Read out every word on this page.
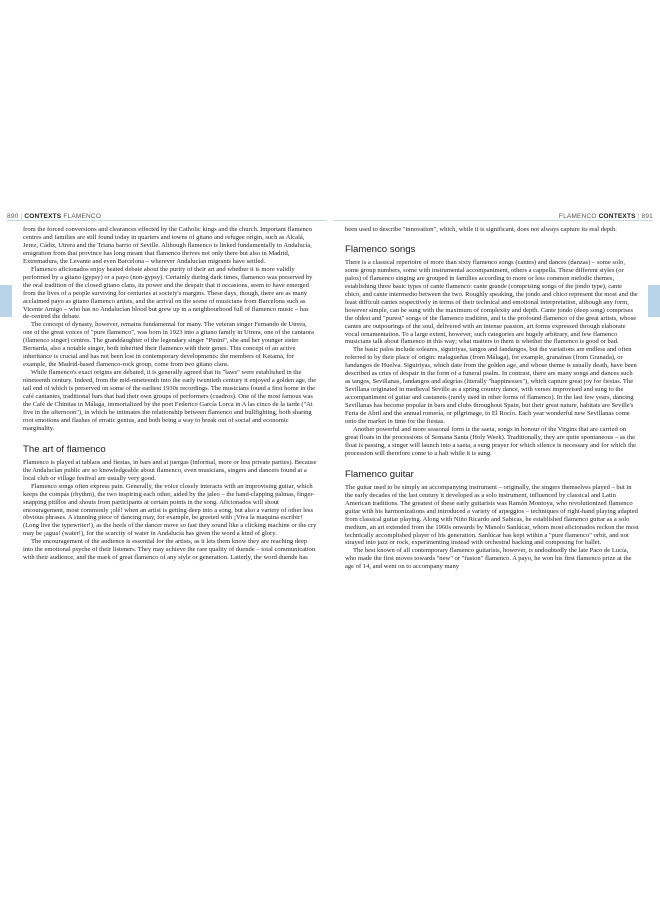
890 | CONTEXTS FLAMENCO	FLAMENCO CONTEXTS | 891

from the forced conversions and clearances effected by the Catholic kings and the church. Important flamenco centres and families are still found today in quarters and towns of gitano and refugee origin, such as Alcalá, Jerez, Cádiz, Utrera and the Triana barrio of Seville. Although flamenco is linked fundamentally to Andalucía, emigration from that province has long meant that flamenco thrives not only there but also in Madrid, Extremadura, the Levante and even Barcelona – wherever Andalucían migrants have settled.

Flamenco aficionados enjoy heated debate about the purity of their art and whether it is more validly performed by a gitano (gypsy) or a payo (non-gypsy). Certainly during dark times, flamenco was preserved by the oral tradition of the closed gitano clans, its power and the despair that it occasions, seem to have emerged from the lives of a people surviving for centuries at society's margins. These days, though, there are as many acclaimed payo as gitano flamenco artists, and the arrival on the scene of musicians from Barcelona such as Vicente Amigo – who has no Andalucían blood but grew up in a neighbourhood full of flamenco music – has de-centred the debate.

The concept of dynasty, however, remains fundamental for many. The veteran singer Fernando de Utrera, one of the great voices of "pure flamenco", was born in 1923 into a gitano family in Utrera, one of the cantaora (flamenco singer) centres. The granddaughter of the legendary singer "Pinini", she and her younger sister Bernarda, also a notable singer, both inherited their flamenco with their genes. This concept of an active inheritance is crucial and has not been lost in contemporary developments: the members of Ketama, for example, the Madrid-based flamenco-rock group, come from two gitano clans.

While flamenco's exact origins are debated, it is generally agreed that its "laws" were established in the nineteenth century. Indeed, from the mid-nineteenth into the early twentieth century it enjoyed a golden age, the tail end of which is preserved on some of the earliest 1930s recordings. The musicians found a first home in the café cantantes, traditional bars that had their own groups of performers (cuadros). One of the most famous was the Café de Chinitas in Málaga, immortalized by the poet Federico García Lorca in A las cinco de la tarde ("At five in the afternoon"), in which he intimates the relationship between flamenco and bullfighting, both sharing root emotions and flashes of erratic genius, and both being a way to break out of social and economic marginality.

The art of flamenco

Flamenco is played at tablaos and fiestas, in bars and at juergas (informal, more or less private parties). Because the Andalucían public are so knowledgeable about flamenco, even musicians, singers and dancers found at a local club or village festival are usually very good.

Flamenco songs often express pain. Generally, the voice closely interacts with an improvising guitar, which keeps the compás (rhythm), the two inspiring each other, aided by the jaleo – the hand-clapping palmas, finger-snapping pitillos and shouts from participants at certain points in the song. Aficionados will shout encouragement, most commonly ¡olé! when an artist is getting deep into a song, but also a variety of other less obvious phrases. A stunning piece of dancing may, for example, be greeted with ¡Viva la maquina escribir! (Long live the typewriter!), as the heels of the dancer move so fast they sound like a clicking machine or the cry may be ¡agua! (water!), for the scarcity of water in Andalucía has given the word a kind of glory.

The encouragement of the audience is essential for the artists, as it lets them know they are reaching deep into the emotional psyche of their listeners. They may achieve the rare quality of duende – total communication with their audience, and the mark of great flamenco of any style or generation. Latterly, the word duende has

been used to describe "innovation", which, while it is significant, does not always capture its real depth.

Flamenco songs

There is a classical repertoire of more than sixty flamenco songs (cantes) and dances (danzas) – some solo, some group numbers, some with instrumental accompaniment, others a cappella. These different styles (or palos) of flamenco singing are grouped in families according to more or less common melodic themes, establishing three basic types of cante flamenco: cante grande (comprising songs of the jondo type), cante chico, and cante intermedio between the two. Roughly speaking, the jondo and chico represent the most and the least difficult cantes respectively in terms of their technical and emotional interpretation, although any form, however simple, can be sung with the maximum of complexity and depth. Cante jondo (deep song) comprises the oldest and "purest" songs of the flamenco tradition, and is the profound flamenco of the great artists, whose cantes are outpourings of the soul, delivered with an intense passion, art forms expressed through elaborate vocal ornamentation. To a large extent, however, such categories are hugely arbitrary, and few flamenco musicians talk about flamenco in this way; what matters to them is whether the flamenco is good or bad.

The basic palos include soleares, siguiriyas, tangos and fandangos, but the variations are endless and often referred to by their place of origin: malagueñas (from Málaga), for example, granaínas (from Granada), or fandangos de Huelva. Siguiriyas, which date from the golden age, and whose theme is usually death, have been described as cries of despair in the form of a funeral psalm. In contrast, there are many songs and dances such as tangos, Sevillanas, fandangos and alegrías (literally "happinesses"), which capture great joy for fiestas. The Sevillana originated in medieval Seville as a spring country dance, with verses improvised and sung to the accompaniment of guitar and castanets (rarely used in other forms of flamenco). In the last few years, dancing Sevillanas has become popular in bars and clubs throughout Spain, but their great nature, habitats are Seville's Feria de Abril and the annual romería, or pilgrimage, to El Rocío. Each year wonderful new Sevillanas come onto the market in time for the fiestas.

Another powerful and more seasonal form is the saeta, songs in honour of the Virgins that are carried on great floats in the processions of Semana Santa (Holy Week). Traditionally, they are quite spontaneous – as the float is passing, a singer will launch into a saeta, a sung prayer for which silence is necessary and for which the procession will therefore come to a halt while it is sung.

Flamenco guitar

The guitar used to be simply an accompanying instrument – originally, the singers themselves played – but in the early decades of the last century it developed as a solo instrument, influenced by classical and Latin American traditions. The greatest of these early guitarists was Ramón Montoya, who revolutionized flamenco guitar with his harmonizations and introduced a variety of arpeggios – techniques of right-hand playing adapted from classical guitar playing. Along with Niño Ricardo and Sabicas, he established flamenco guitar as a solo medium, an art extended from the 1960s onwards by Manolo Sanlúcar, whom most aficionados reckon the most technically accomplished player of his generation. Sanlúcar has kept within a "pure flamenco" orbit, and not strayed into jazz or rock, experimenting instead with orchestral backing and composing for ballet.

The best known of all contemporary flamenco guitarists, however, is undoubtedly the late Paco de Lucía, who made the first moves towards "new" or "fusion" flamenco. A payo, he won his first flamenco prize at the age of 14, and went on to accompany many
